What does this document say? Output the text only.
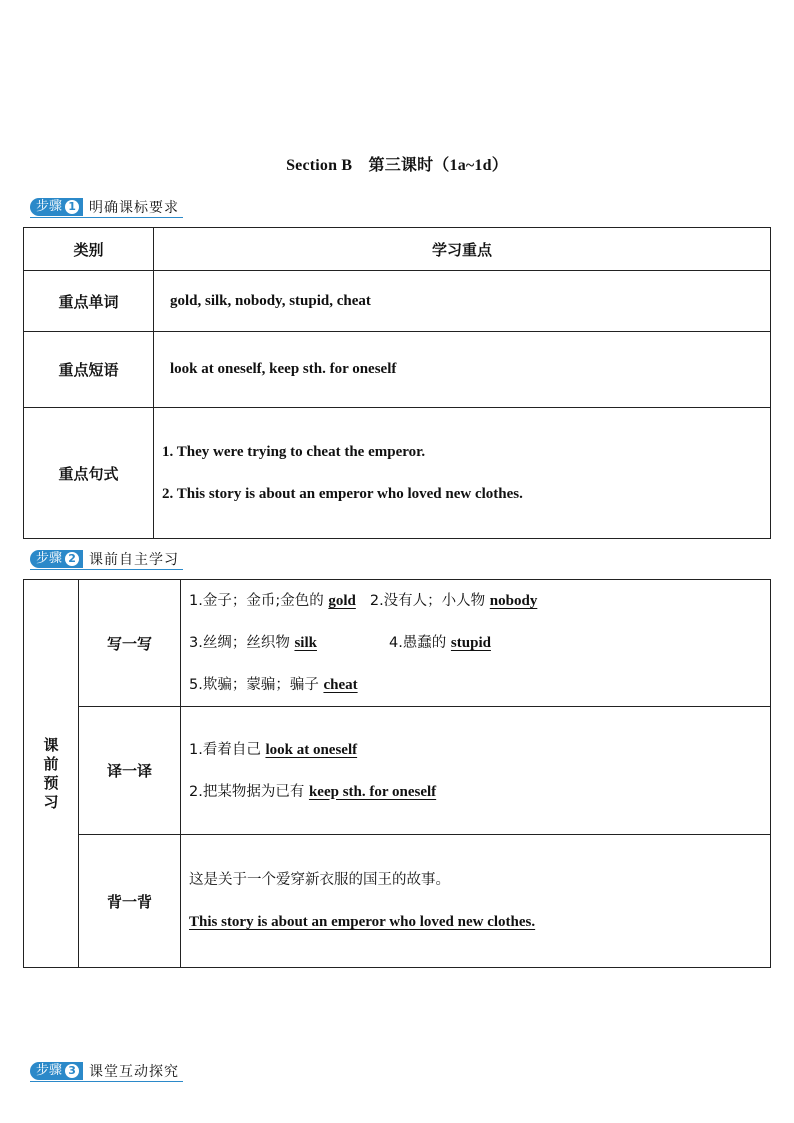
Section B　第三课时（1a~1d）
步骤 1 明确课标要求
类别	学习重点
重点单词	gold, silk, nobody, stupid, cheat
重点短语	look at oneself, keep sth. for oneself
重点句式	1. They were trying to cheat the emperor.
2. This story is about an emperor who loved new clothes.
步骤 2 课前自主学习
课前预习	写一写	1.金子；金币;金色的 gold 2.没有人；小人物 nobody
3.丝绸；丝织物 silk 4.愚蠢的 stupid
5.欺骗；蒙骗；骗子 cheat

	译一译	1.看着自己 look at oneself
2.把某物据为已有 keep sth. for oneself

	背一背	这是关于一个爱穿新衣服的国王的故事。
This story is about an emperor who loved new clothes.
步骤 3 课堂互动探究
